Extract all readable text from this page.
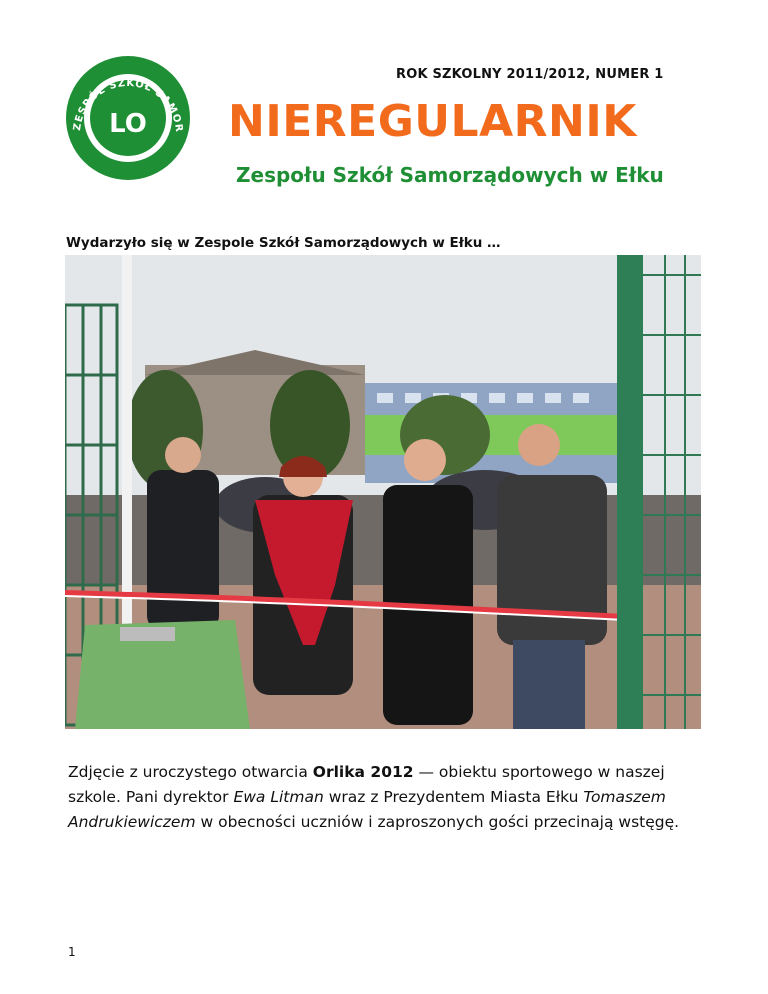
ZESPÓŁ SZKÓŁ SAMOR
LO
ROK SZKOLNY 2011/2012, NUMER 1
NIEREGULARNIK
Zespołu Szkół Samorządowych w Ełku
Wydarzyło się w Zespole Szkół Samorządowych w Ełku …
Zdjęcie z uroczystego otwarcia Orlika 2012 — obiektu sportowego w naszej szkole. Pani dyrektor Ewa Litman wraz z Prezydentem Miasta Ełku Tomaszem Andrukiewiczem w obecności uczniów i zaproszonych gości przecinają wstęgę.
1
